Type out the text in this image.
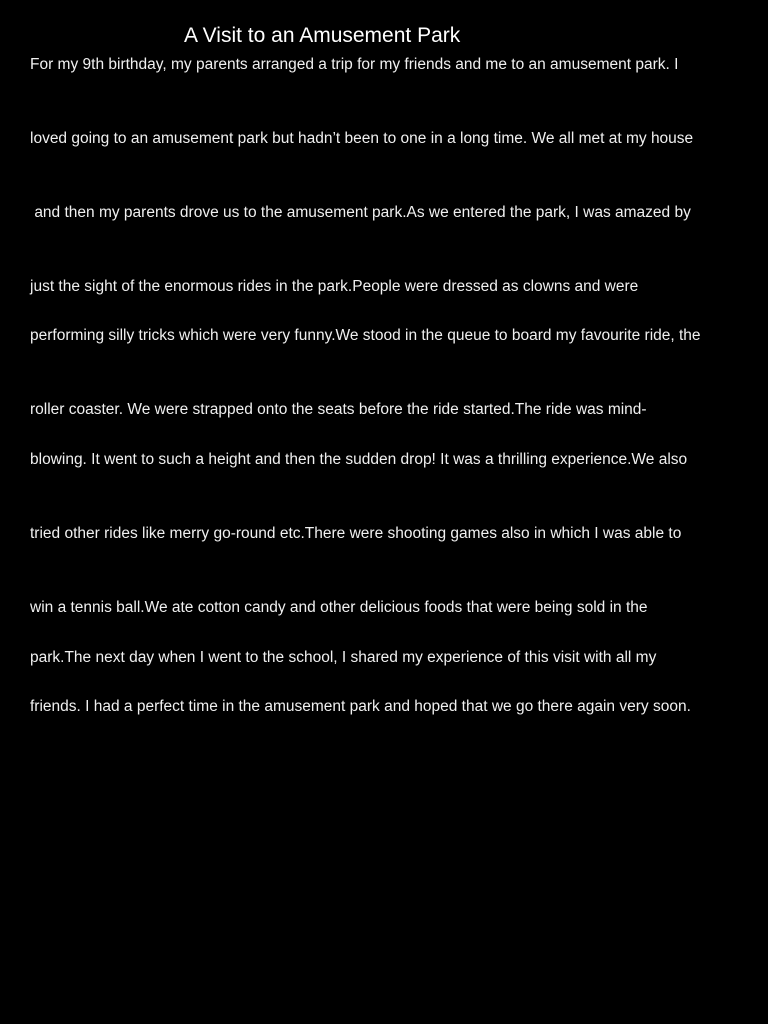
A Visit to an Amusement Park

For my 9th birthday, my parents arranged a trip for my friends and me to an amusement park. I

loved going to an amusement park but hadn’t been to one in a long time. We all met at my house

and then my parents drove us to the amusement park.As we entered the park, I was amazed by

just the sight of the enormous rides in the park.People were dressed as clowns and were

performing silly tricks which were very funny.We stood in the queue to board my favourite ride, the

roller coaster. We were strapped onto the seats before the ride started.The ride was mind-

blowing. It went to such a height and then the sudden drop! It was a thrilling experience.We also

tried other rides like merry go-round etc.There were shooting games also in which I was able to

win a tennis ball.We ate cotton candy and other delicious foods that were being sold in the

park.The next day when I went to the school, I shared my experience of this visit with all my

friends. I had a perfect time in the amusement park and hoped that we go there again very soon.
